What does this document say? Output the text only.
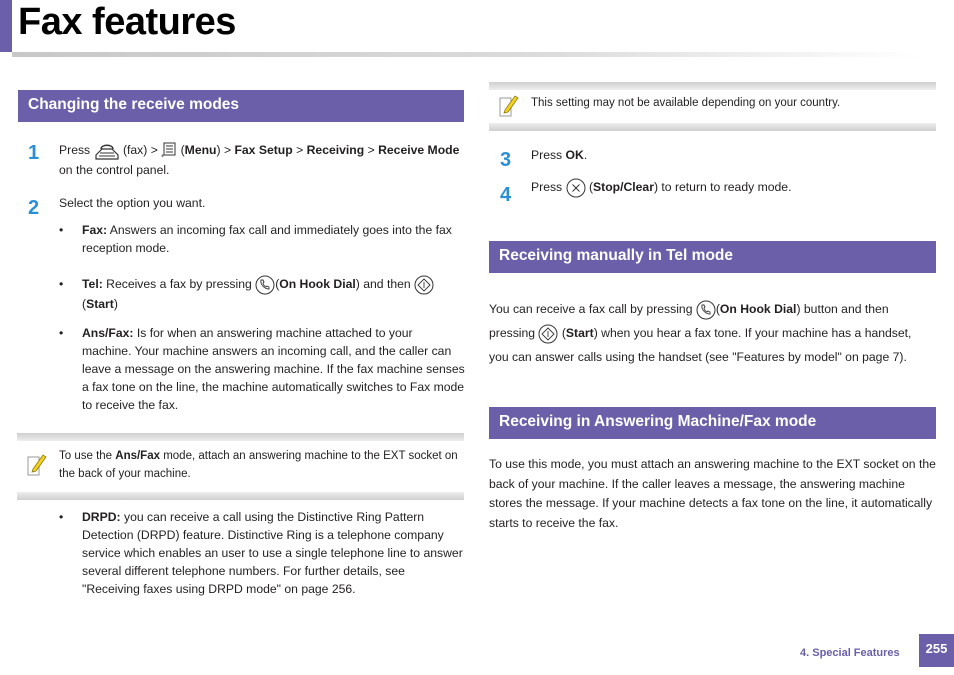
Fax features
Changing the receive modes
1 Press	(fax) > * (Menu) > Fax Setup > Receiving > Receive Mode
on the control panel.
2 Select the option you want.
• Fax: Answers an incoming fax call and immediately goes into the fax reception mode.
• Tel: Receives a fax by pressing (On Hook Dial) and then
(Start)
• Ans/Fax: Is for when an answering machine attached to your machine. Your machine answers an incoming call, and the caller can leave a message on the answering machine. If the fax machine senses a fax tone on the line, the machine automatically switches to Fax mode to receive the fax.
To use the Ans/Fax mode, attach an answering machine to the EXT socket on the back of your machine.
• DRPD: you can receive a call using the Distinctive Ring Pattern Detection (DRPD) feature. Distinctive Ring is a telephone company service which enables an user to use a single telephone line to answer several different telephone numbers. For further details, see "Receiving faxes using DRPD mode" on page 256.
This setting may not be available depending on your country.
3 Press OK.
4 Press (Stop/Clear) to return to ready mode.
Receiving manually in Tel mode
You can receive a fax call by pressing (On Hook Dial) button and then
pressing (Start) when you hear a fax tone. If your machine has a handset,
you can answer calls using the handset (see "Features by model" on page 7).
Receiving in Answering Machine/Fax mode
To use this mode, you must attach an answering machine to the EXT socket on the back of your machine. If the caller leaves a message, the answering machine stores the message. If your machine detects a fax tone on the line, it automatically starts to receive the fax.
4. Special Features	255
